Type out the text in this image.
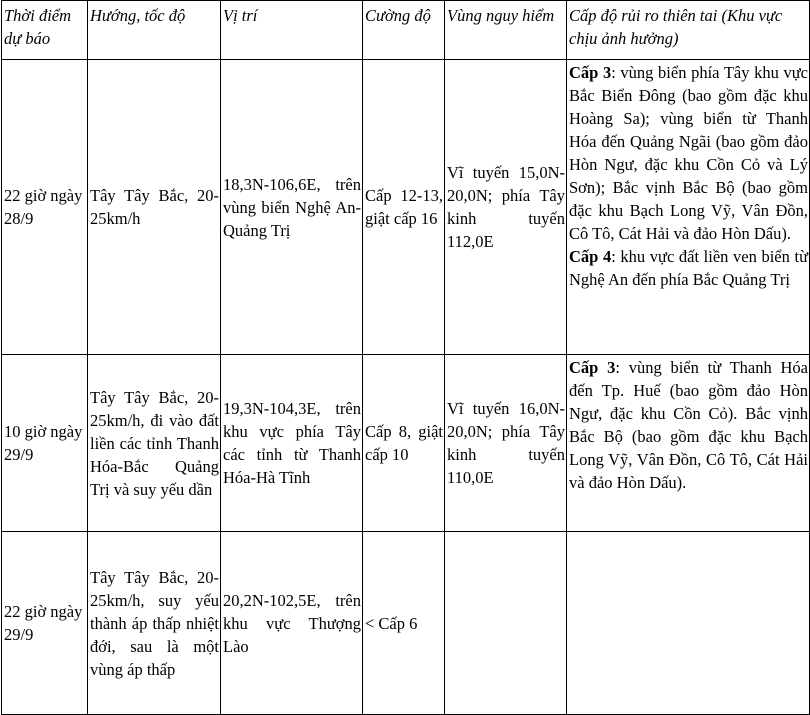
Thời điểm dự báo	Hướng, tốc độ	Vị trí	Cường độ	Vùng nguy hiểm	Cấp độ rủi ro thiên tai (Khu vực chịu ảnh hưởng)
22 giờ ngày 28/9	Tây Tây Bắc, 20-25km/h	18,3N-106,6E, trên vùng biển Nghệ An-Quảng Trị	Cấp 12-13, giật cấp 16	Vĩ tuyến 15,0N-20,0N; phía Tây kinh tuyến 112,0E	Cấp 3: vùng biển phía Tây khu vực Bắc Biển Đông (bao gồm đặc khu Hoàng Sa); vùng biển từ Thanh Hóa đến Quảng Ngãi (bao gồm đảo Hòn Ngư, đặc khu Cồn Cỏ và Lý Sơn); Bắc vịnh Bắc Bộ (bao gồm đặc khu Bạch Long Vỹ, Vân Đồn, Cô Tô, Cát Hải và đảo Hòn Dấu).

Cấp 4: khu vực đất liền ven biển từ Nghệ An đến phía Bắc Quảng Trị

10 giờ ngày 29/9	Tây Tây Bắc, 20-25km/h, đi vào đất liền các tỉnh Thanh Hóa-Bắc Quảng Trị và suy yếu dần	19,3N-104,3E, trên khu vực phía Tây các tỉnh từ Thanh Hóa-Hà Tĩnh	Cấp 8, giật cấp 10	Vĩ tuyến 16,0N-20,0N; phía Tây kinh tuyến 110,0E	Cấp 3: vùng biển từ Thanh Hóa đến Tp. Huế (bao gồm đảo Hòn Ngư, đặc khu Cồn Cỏ). Bắc vịnh Bắc Bộ (bao gồm đặc khu Bạch Long Vỹ, Vân Đồn, Cô Tô, Cát Hải và đảo Hòn Dấu).

22 giờ ngày 29/9	Tây Tây Bắc, 20-25km/h, suy yếu thành áp thấp nhiệt đới, sau là một vùng áp thấp	20,2N-102,5E, trên khu vực Thượng Lào	< Cấp 6		
